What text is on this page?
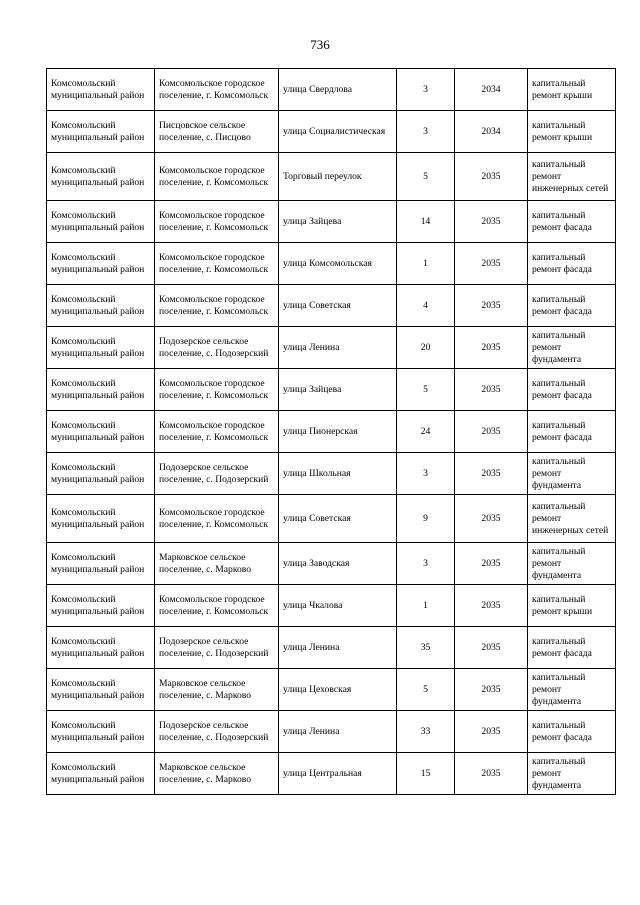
736
Комсомольский муниципальный район	Комсомольское городское поселение, г. Комсомольск	улица Свердлова	3	2034	капитальный ремонт крыши
Комсомольский муниципальный район	Писцовское сельское поселение, с. Писцово	улица Социалистическая	3	2034	капитальный ремонт крыши
Комсомольский муниципальный район	Комсомольское городское поселение, г. Комсомольск	Торговый переулок	5	2035	капитальный ремонт инженерных сетей
Комсомольский муниципальный район	Комсомольское городское поселение, г. Комсомольск	улица Зайцева	14	2035	капитальный ремонт фасада
Комсомольский муниципальный район	Комсомольское городское поселение, г. Комсомольск	улица Комсомольская	1	2035	капитальный ремонт фасада
Комсомольский муниципальный район	Комсомольское городское поселение, г. Комсомольск	улица Советская	4	2035	капитальный ремонт фасада
Комсомольский муниципальный район	Подозерское сельское поселение, с. Подозерский	улица Ленина	20	2035	капитальный ремонт фундамента
Комсомольский муниципальный район	Комсомольское городское поселение, г. Комсомольск	улица Зайцева	5	2035	капитальный ремонт фасада
Комсомольский муниципальный район	Комсомольское городское поселение, г. Комсомольск	улица Пионерская	24	2035	капитальный ремонт фасада
Комсомольский муниципальный район	Подозерское сельское поселение, с. Подозерский	улица Школьная	3	2035	капитальный ремонт фундамента
Комсомольский муниципальный район	Комсомольское городское поселение, г. Комсомольск	улица Советская	9	2035	капитальный ремонт инженерных сетей
Комсомольский муниципальный район	Марковское сельское поселение, с. Марково	улица Заводская	3	2035	капитальный ремонт фундамента
Комсомольский муниципальный район	Комсомольское городское поселение, г. Комсомольск	улица Чкалова	1	2035	капитальный ремонт крыши
Комсомольский муниципальный район	Подозерское сельское поселение, с. Подозерский	улица Ленина	35	2035	капитальный ремонт фасада
Комсомольский муниципальный район	Марковское сельское поселение, с. Марково	улица Цеховская	5	2035	капитальный ремонт фундамента
Комсомольский муниципальный район	Подозерское сельское поселение, с. Подозерский	улица Ленина	33	2035	капитальный ремонт фасада
Комсомольский муниципальный район	Марковское сельское поселение, с. Марково	улица Центральная	15	2035	капитальный ремонт фундамента
